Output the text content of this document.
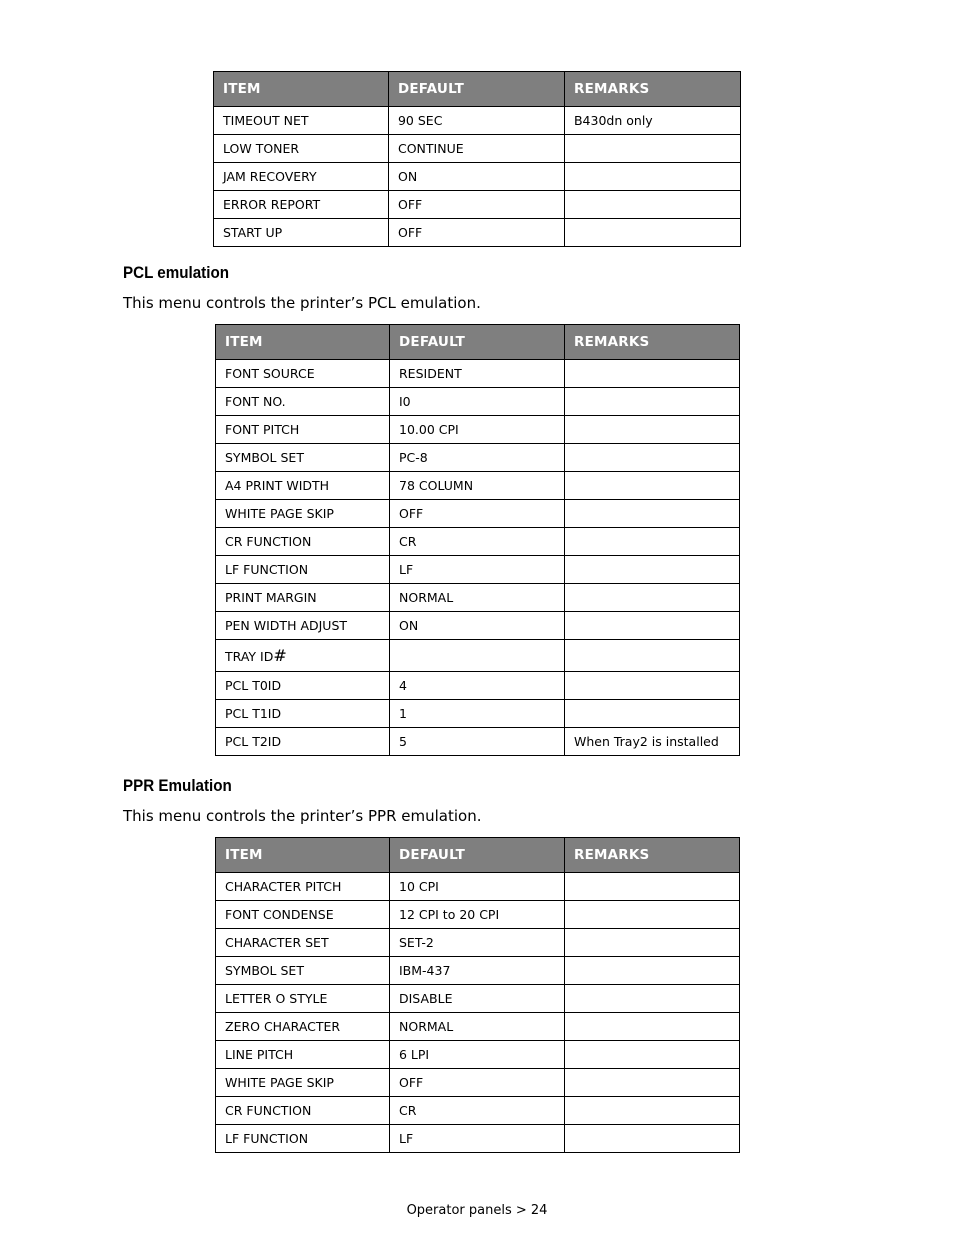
ITEM	DEFAULT	REMARKS
TIMEOUT NET	90 SEC	B430dn only
LOW TONER	CONTINUE	
JAM RECOVERY	ON	
ERROR REPORT	OFF	
START UP	OFF	
PCL emulation

This menu controls the printer’s PCL emulation.

ITEM	DEFAULT	REMARKS
FONT SOURCE	RESIDENT	
FONT NO.	I0	
FONT PITCH	10.00 CPI	
SYMBOL SET	PC-8	
A4 PRINT WIDTH	78 COLUMN	
WHITE PAGE SKIP	OFF	
CR FUNCTION	CR	
LF FUNCTION	LF	
PRINT MARGIN	NORMAL	
PEN WIDTH ADJUST	ON	
TRAY ID#		
PCL T0ID	4	
PCL T1ID	1	
PCL T2ID	5	When Tray2 is installed
PPR Emulation

This menu controls the printer’s PPR emulation.

ITEM	DEFAULT	REMARKS
CHARACTER PITCH	10 CPI	
FONT CONDENSE	12 CPI to 20 CPI	
CHARACTER SET	SET-2	
SYMBOL SET	IBM-437	
LETTER O STYLE	DISABLE	
ZERO CHARACTER	NORMAL	
LINE PITCH	6 LPI	
WHITE PAGE SKIP	OFF	
CR FUNCTION	CR	
LF FUNCTION	LF	
Operator panels > 24
